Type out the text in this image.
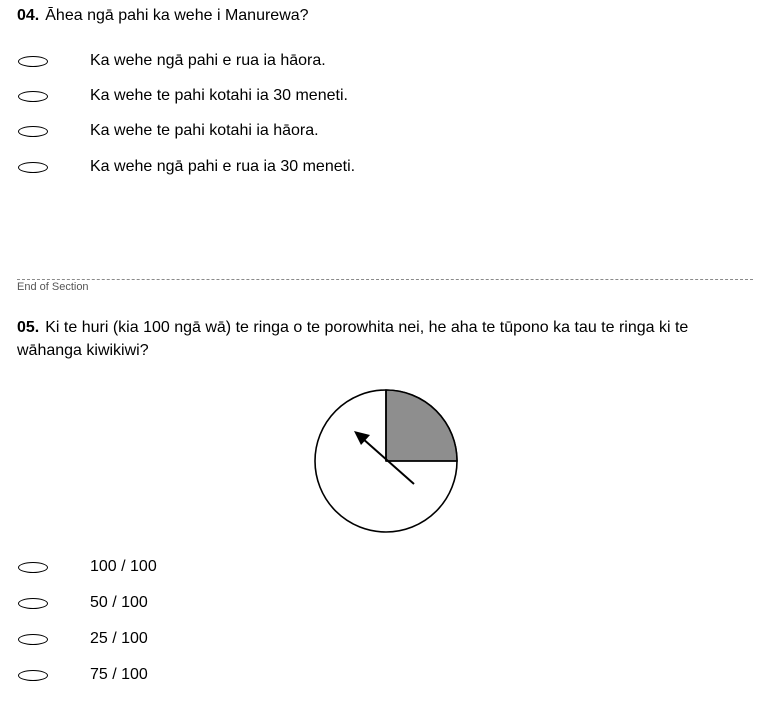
04. Āhea ngā pahi ka wehe i Manurewa?
Ka wehe ngā pahi e rua ia hāora.
Ka wehe te pahi kotahi ia 30 meneti.
Ka wehe te pahi kotahi ia hāora.
Ka wehe ngā pahi e rua ia 30 meneti.
End of Section
05. Ki te huri (kia 100 ngā wā) te ringa o te porowhita nei, he aha te tūpono ka tau te ringa ki te wāhanga kiwikiwi?
100 / 100
50 / 100
25 / 100
75 / 100
